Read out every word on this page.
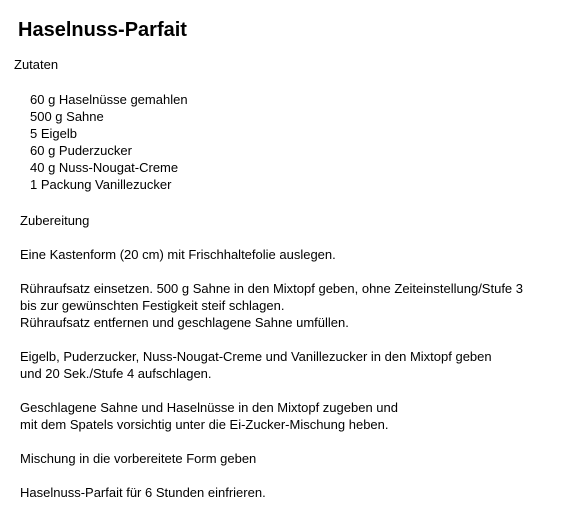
Haselnuss-Parfait
Zutaten
60 g Haselnüsse gemahlen
500 g Sahne
5 Eigelb
60 g Puderzucker
40 g Nuss-Nougat-Creme
1 Packung Vanillezucker
Zubereitung
Eine Kastenform (20 cm) mit Frischhaltefolie auslegen.
Rühraufsatz einsetzen. 500 g Sahne in den Mixtopf geben, ohne Zeiteinstellung/Stufe 3
bis zur gewünschten Festigkeit steif schlagen.
Rühraufsatz entfernen und geschlagene Sahne umfüllen.
Eigelb, Puderzucker, Nuss-Nougat-Creme und Vanillezucker in den Mixtopf geben
und 20 Sek./Stufe 4 aufschlagen.
Geschlagene Sahne und Haselnüsse in den Mixtopf zugeben und
mit dem Spatels vorsichtig unter die Ei-Zucker-Mischung heben.
Mischung in die vorbereitete Form geben
Haselnuss-Parfait für 6 Stunden einfrieren.
